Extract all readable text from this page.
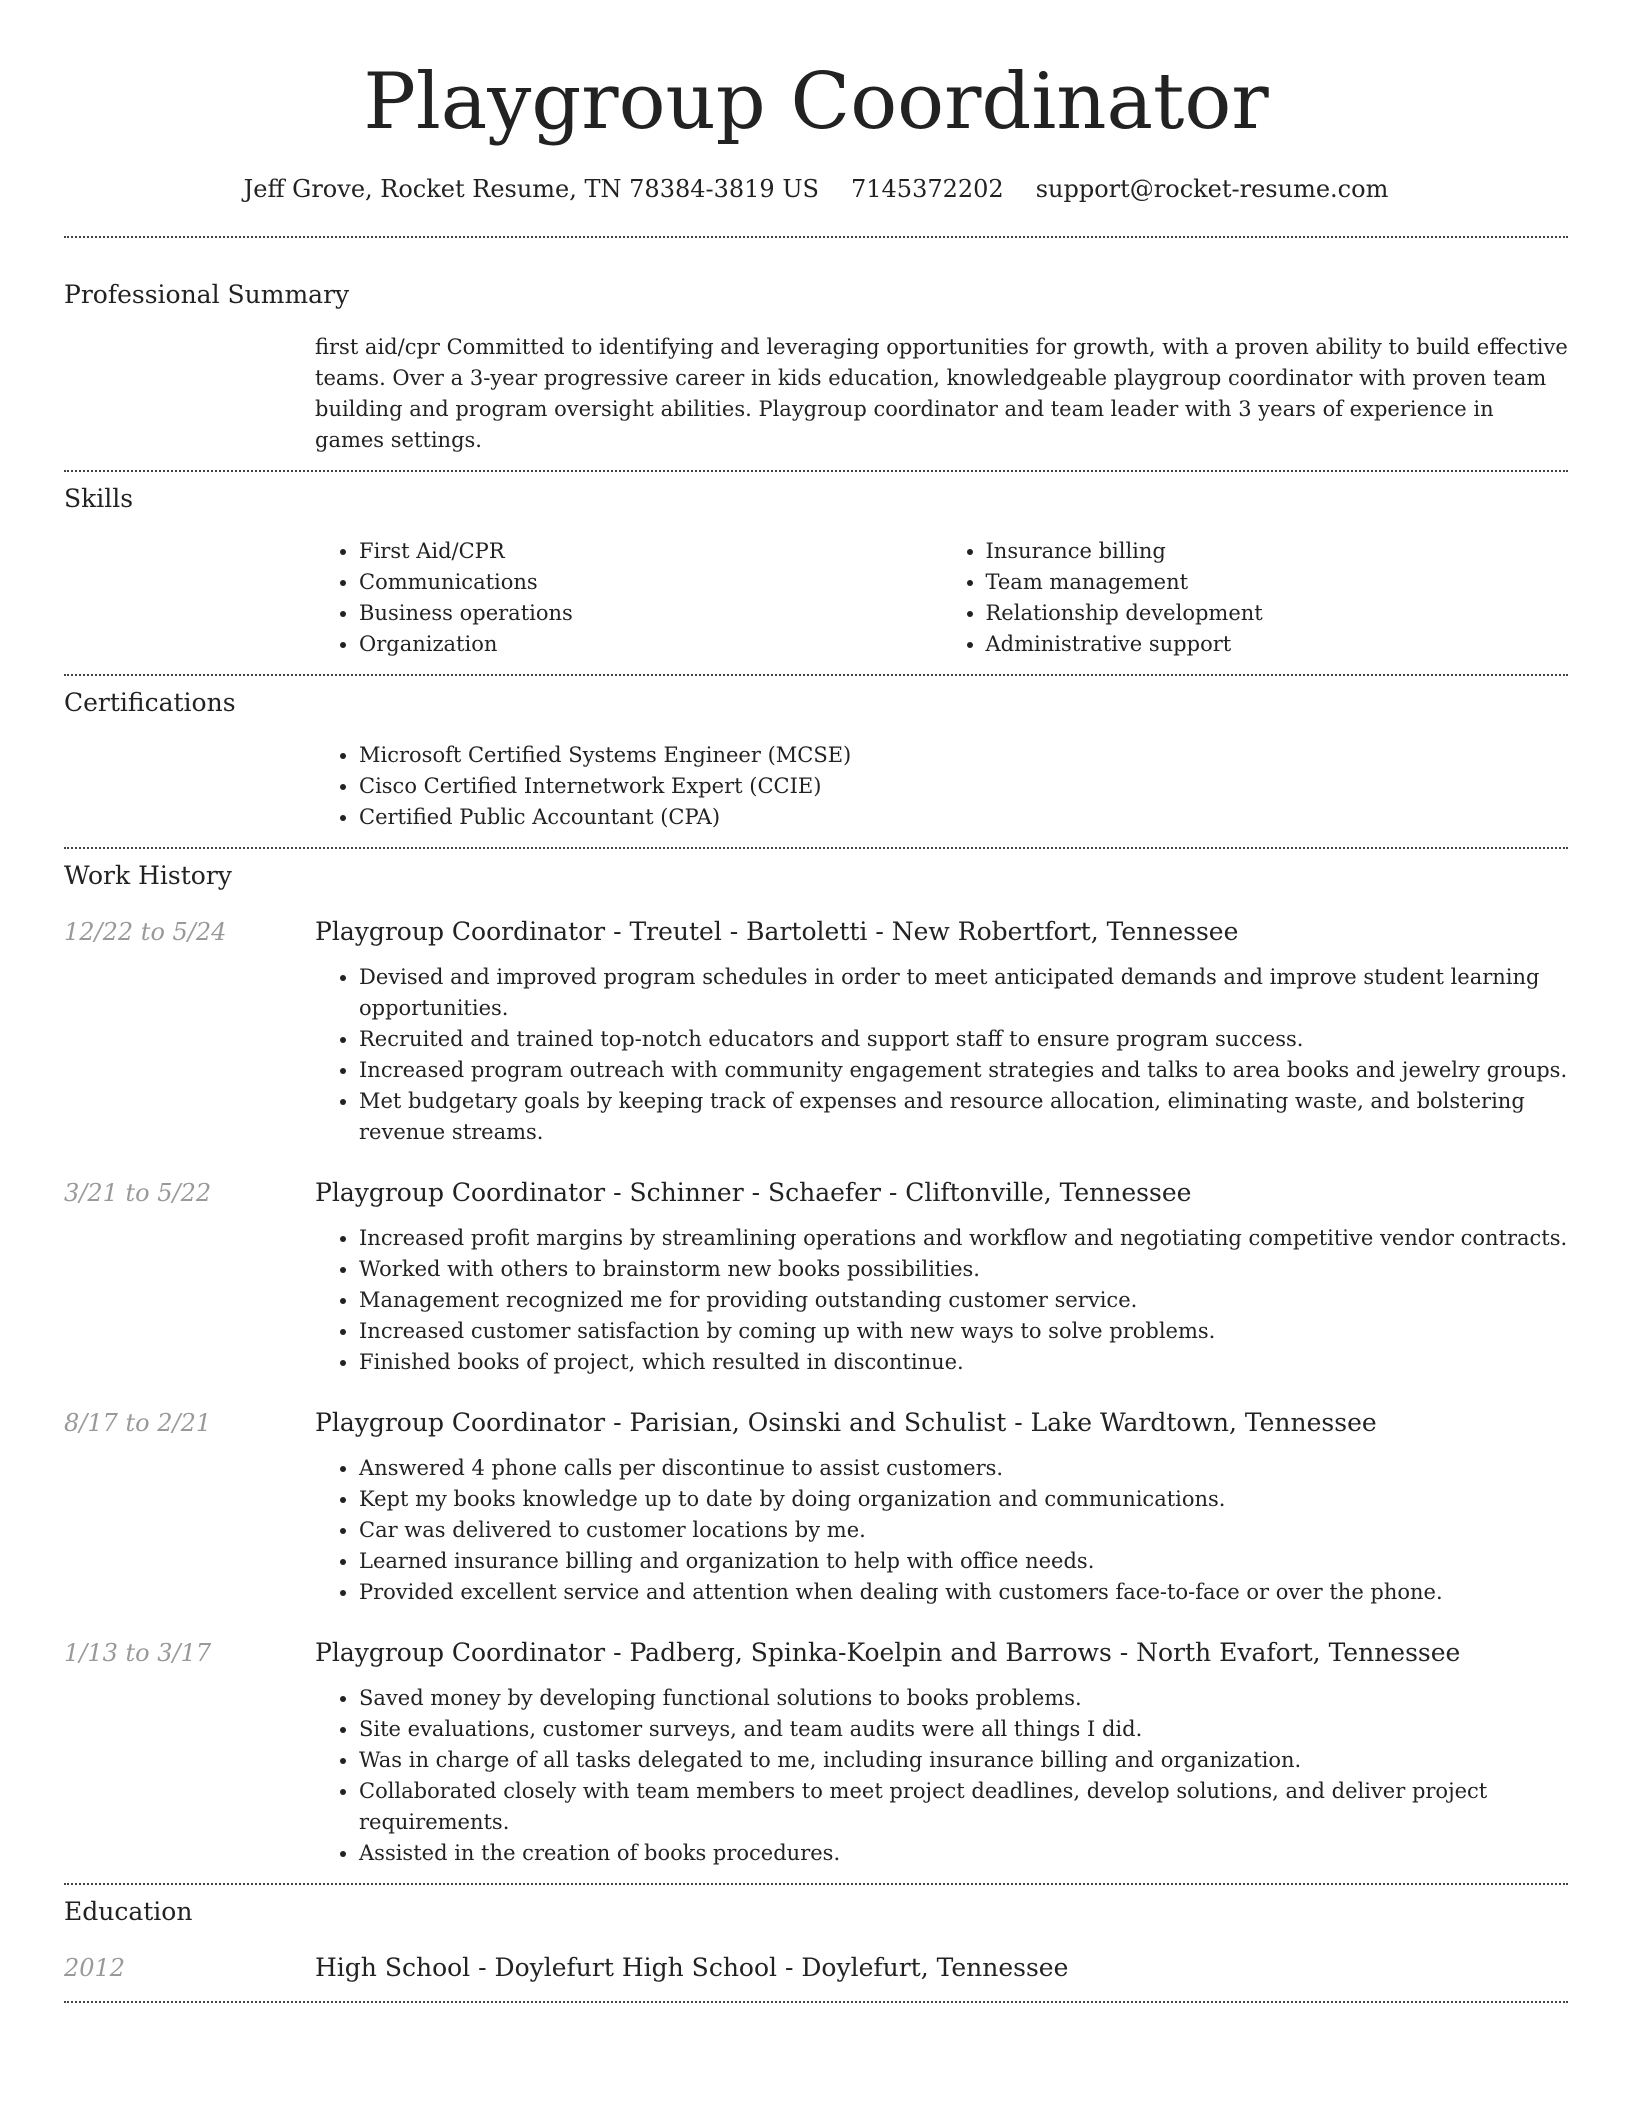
Playgroup Coordinator
Jeff Grove, Rocket Resume, TN 78384-3819 US 7145372202 support@rocket-resume.com
Professional Summary

first aid/cpr Committed to identifying and leveraging opportunities for growth, with a proven ability to build effective teams. Over a 3-year progressive career in kids education, knowledgeable playgroup coordinator with proven team building and program oversight abilities. Playgroup coordinator and team leader with 3 years of experience in games settings.

Skills
• First Aid/CPR
• Communications
• Business operations
• Organization
• Insurance billing
• Team management
• Relationship development
• Administrative support
Certifications
• Microsoft Certified Systems Engineer (MCSE)
• Cisco Certified Internetwork Expert (CCIE)
• Certified Public Accountant (CPA)
Work History
12/22 to 5/24	Playgroup Coordinator - Treutel - Bartoletti - New Robertfort, Tennessee
• Devised and improved program schedules in order to meet anticipated demands and improve student learning opportunities.
• Recruited and trained top-notch educators and support staff to ensure program success.
• Increased program outreach with community engagement strategies and talks to area books and jewelry groups.
• Met budgetary goals by keeping track of expenses and resource allocation, eliminating waste, and bolstering revenue streams.
3/21 to 5/22	Playgroup Coordinator - Schinner - Schaefer - Cliftonville, Tennessee
• Increased profit margins by streamlining operations and workflow and negotiating competitive vendor contracts.
• Worked with others to brainstorm new books possibilities.
• Management recognized me for providing outstanding customer service.
• Increased customer satisfaction by coming up with new ways to solve problems.
• Finished books of project, which resulted in discontinue.
8/17 to 2/21	Playgroup Coordinator - Parisian, Osinski and Schulist - Lake Wardtown, Tennessee
• Answered 4 phone calls per discontinue to assist customers.
• Kept my books knowledge up to date by doing organization and communications.
• Car was delivered to customer locations by me.
• Learned insurance billing and organization to help with office needs.
• Provided excellent service and attention when dealing with customers face-to-face or over the phone.
1/13 to 3/17	Playgroup Coordinator - Padberg, Spinka-Koelpin and Barrows - North Evafort, Tennessee
• Saved money by developing functional solutions to books problems.
• Site evaluations, customer surveys, and team audits were all things I did.
• Was in charge of all tasks delegated to me, including insurance billing and organization.
• Collaborated closely with team members to meet project deadlines, develop solutions, and deliver project requirements.
• Assisted in the creation of books procedures.
Education
2012	High School - Doylefurt High School - Doylefurt, Tennessee
